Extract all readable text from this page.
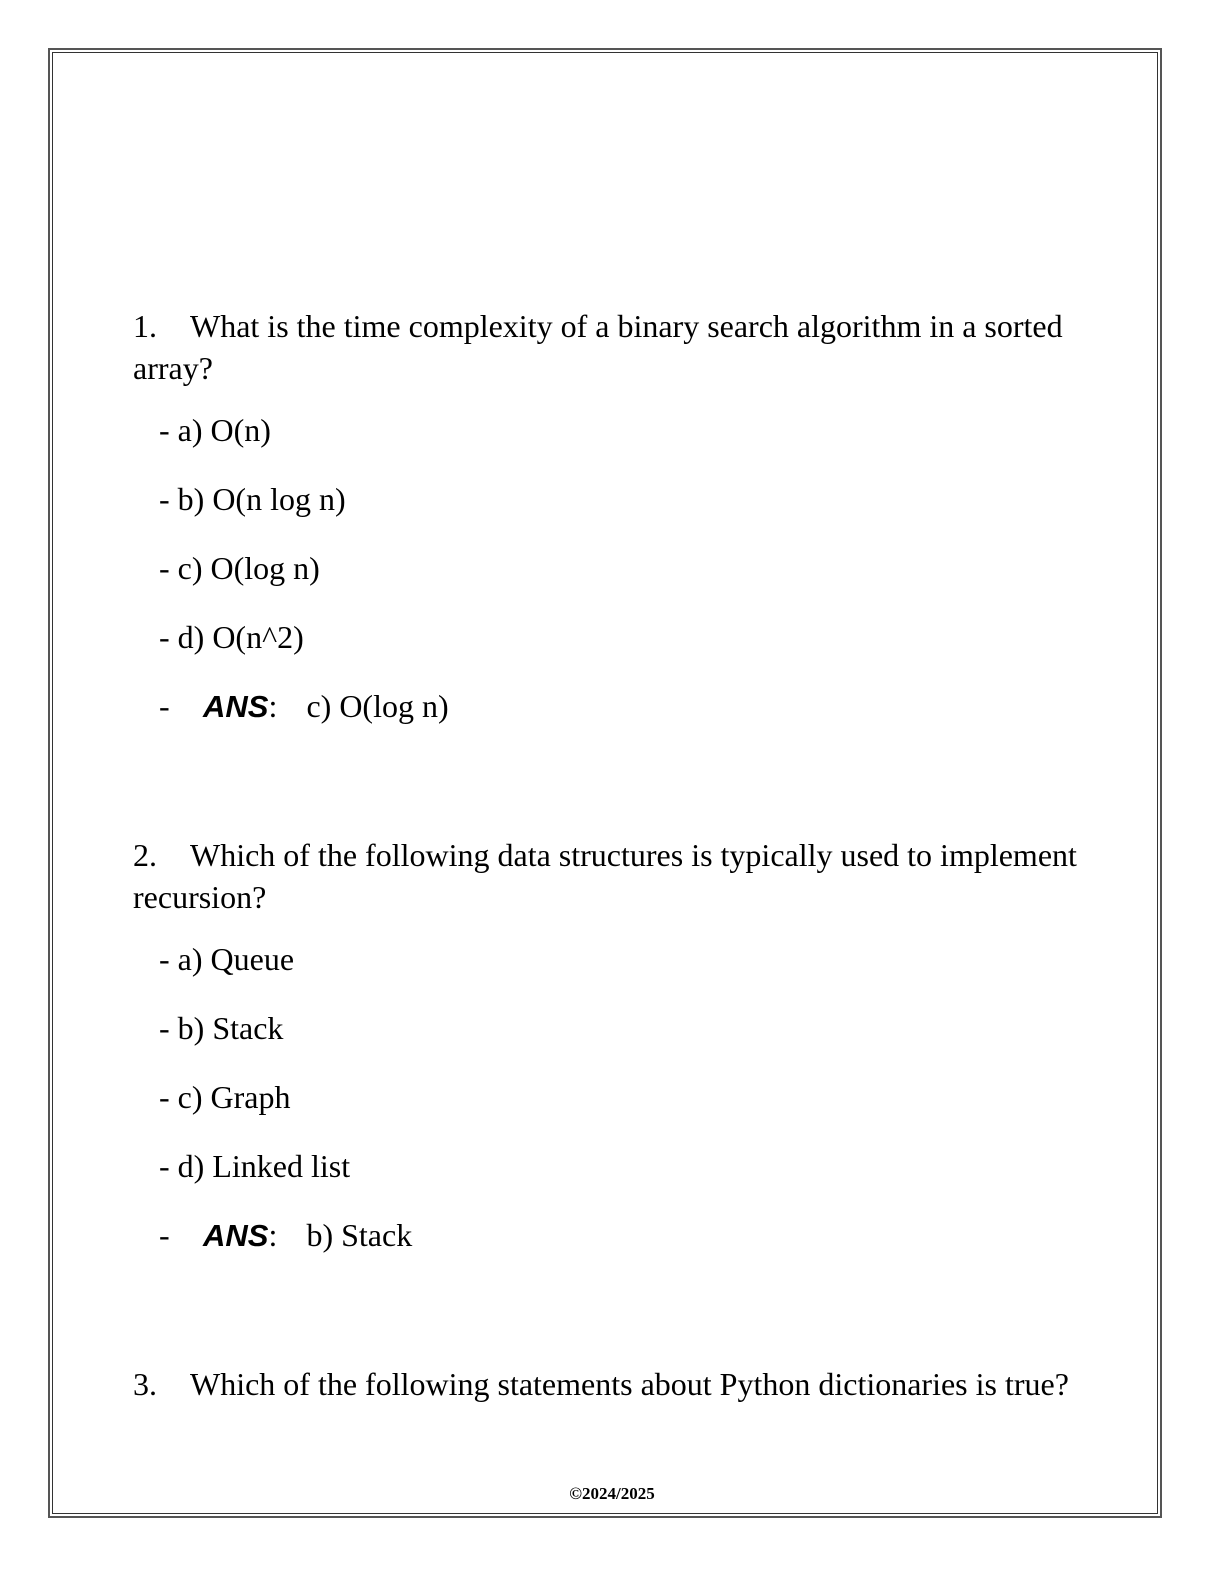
1. What is the time complexity of a binary search algorithm in a sorted array?
- a) O(n)
- b) O(n log n)
- c) O(log n)
- d) O(n^2)
- ANS: c) O(log n)
2. Which of the following data structures is typically used to implement recursion?
- a) Queue
- b) Stack
- c) Graph
- d) Linked list
- ANS: b) Stack
3. Which of the following statements about Python dictionaries is true?
©2024/2025
